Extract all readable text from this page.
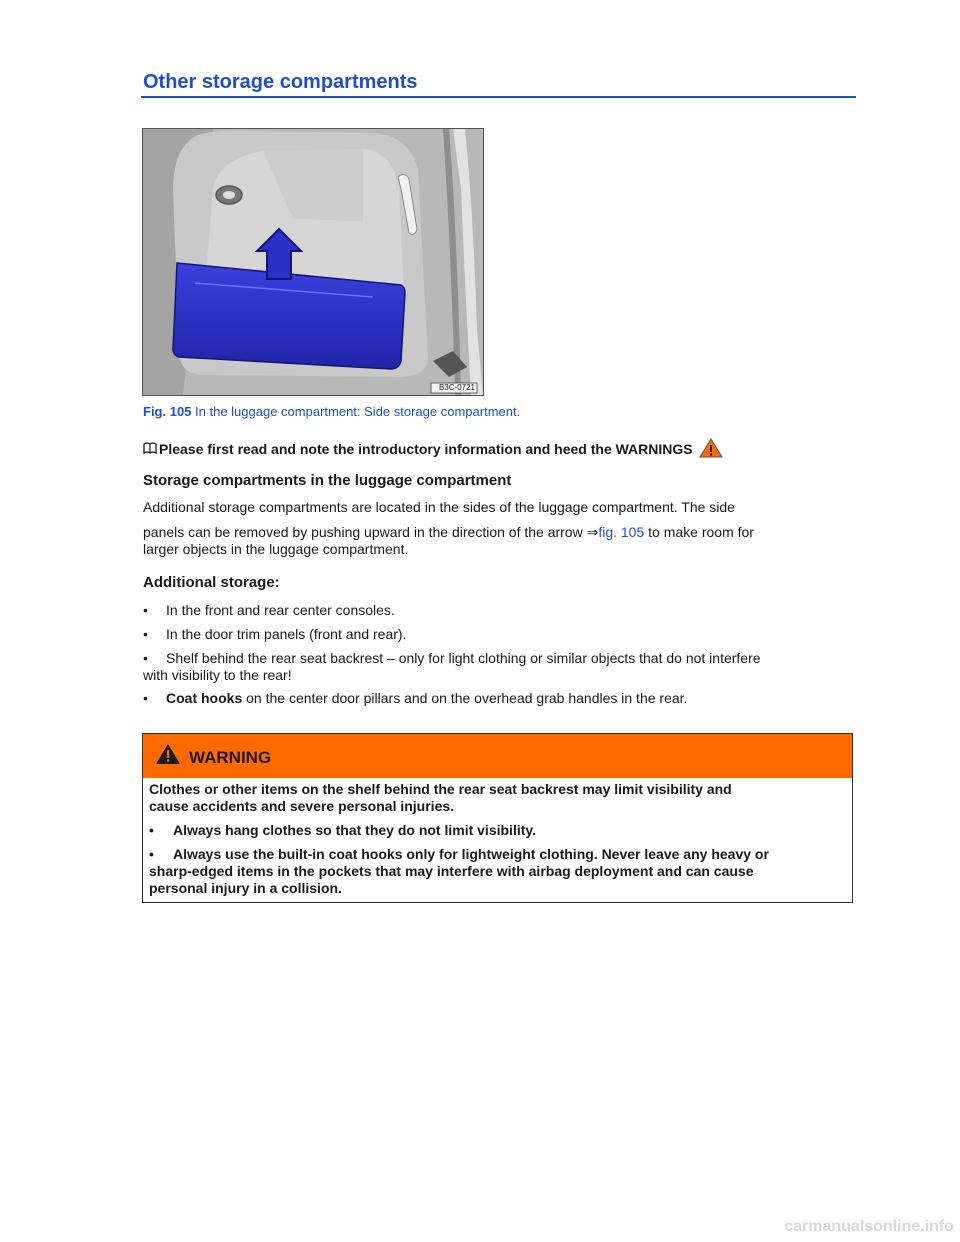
Other storage compartments
B3C-0721
Fig. 105 In the luggage compartment: Side storage compartment.
Please first read and note the introductory information and heed the WARNINGS
Storage compartments in the luggage compartment
Additional storage compartments are located in the sides of the luggage compartment. The side
panels can be removed by pushing upward in the direction of the arrow ⇒fig. 105 to make room for
larger objects in the luggage compartment.
Additional storage:
• In the front and rear center consoles.
• In the door trim panels (front and rear).
• Shelf behind the rear seat backrest – only for light clothing or similar objects that do not interfere
with visibility to the rear!
• Coat hooks on the center door pillars and on the overhead grab handles in the rear.
WARNING
Clothes or other items on the shelf behind the rear seat backrest may limit visibility and
cause accidents and severe personal injuries.
• Always hang clothes so that they do not limit visibility.
• Always use the built-in coat hooks only for lightweight clothing. Never leave any heavy or
sharp-edged items in the pockets that may interfere with airbag deployment and can cause
personal injury in a collision.
carmanualsonline.info
